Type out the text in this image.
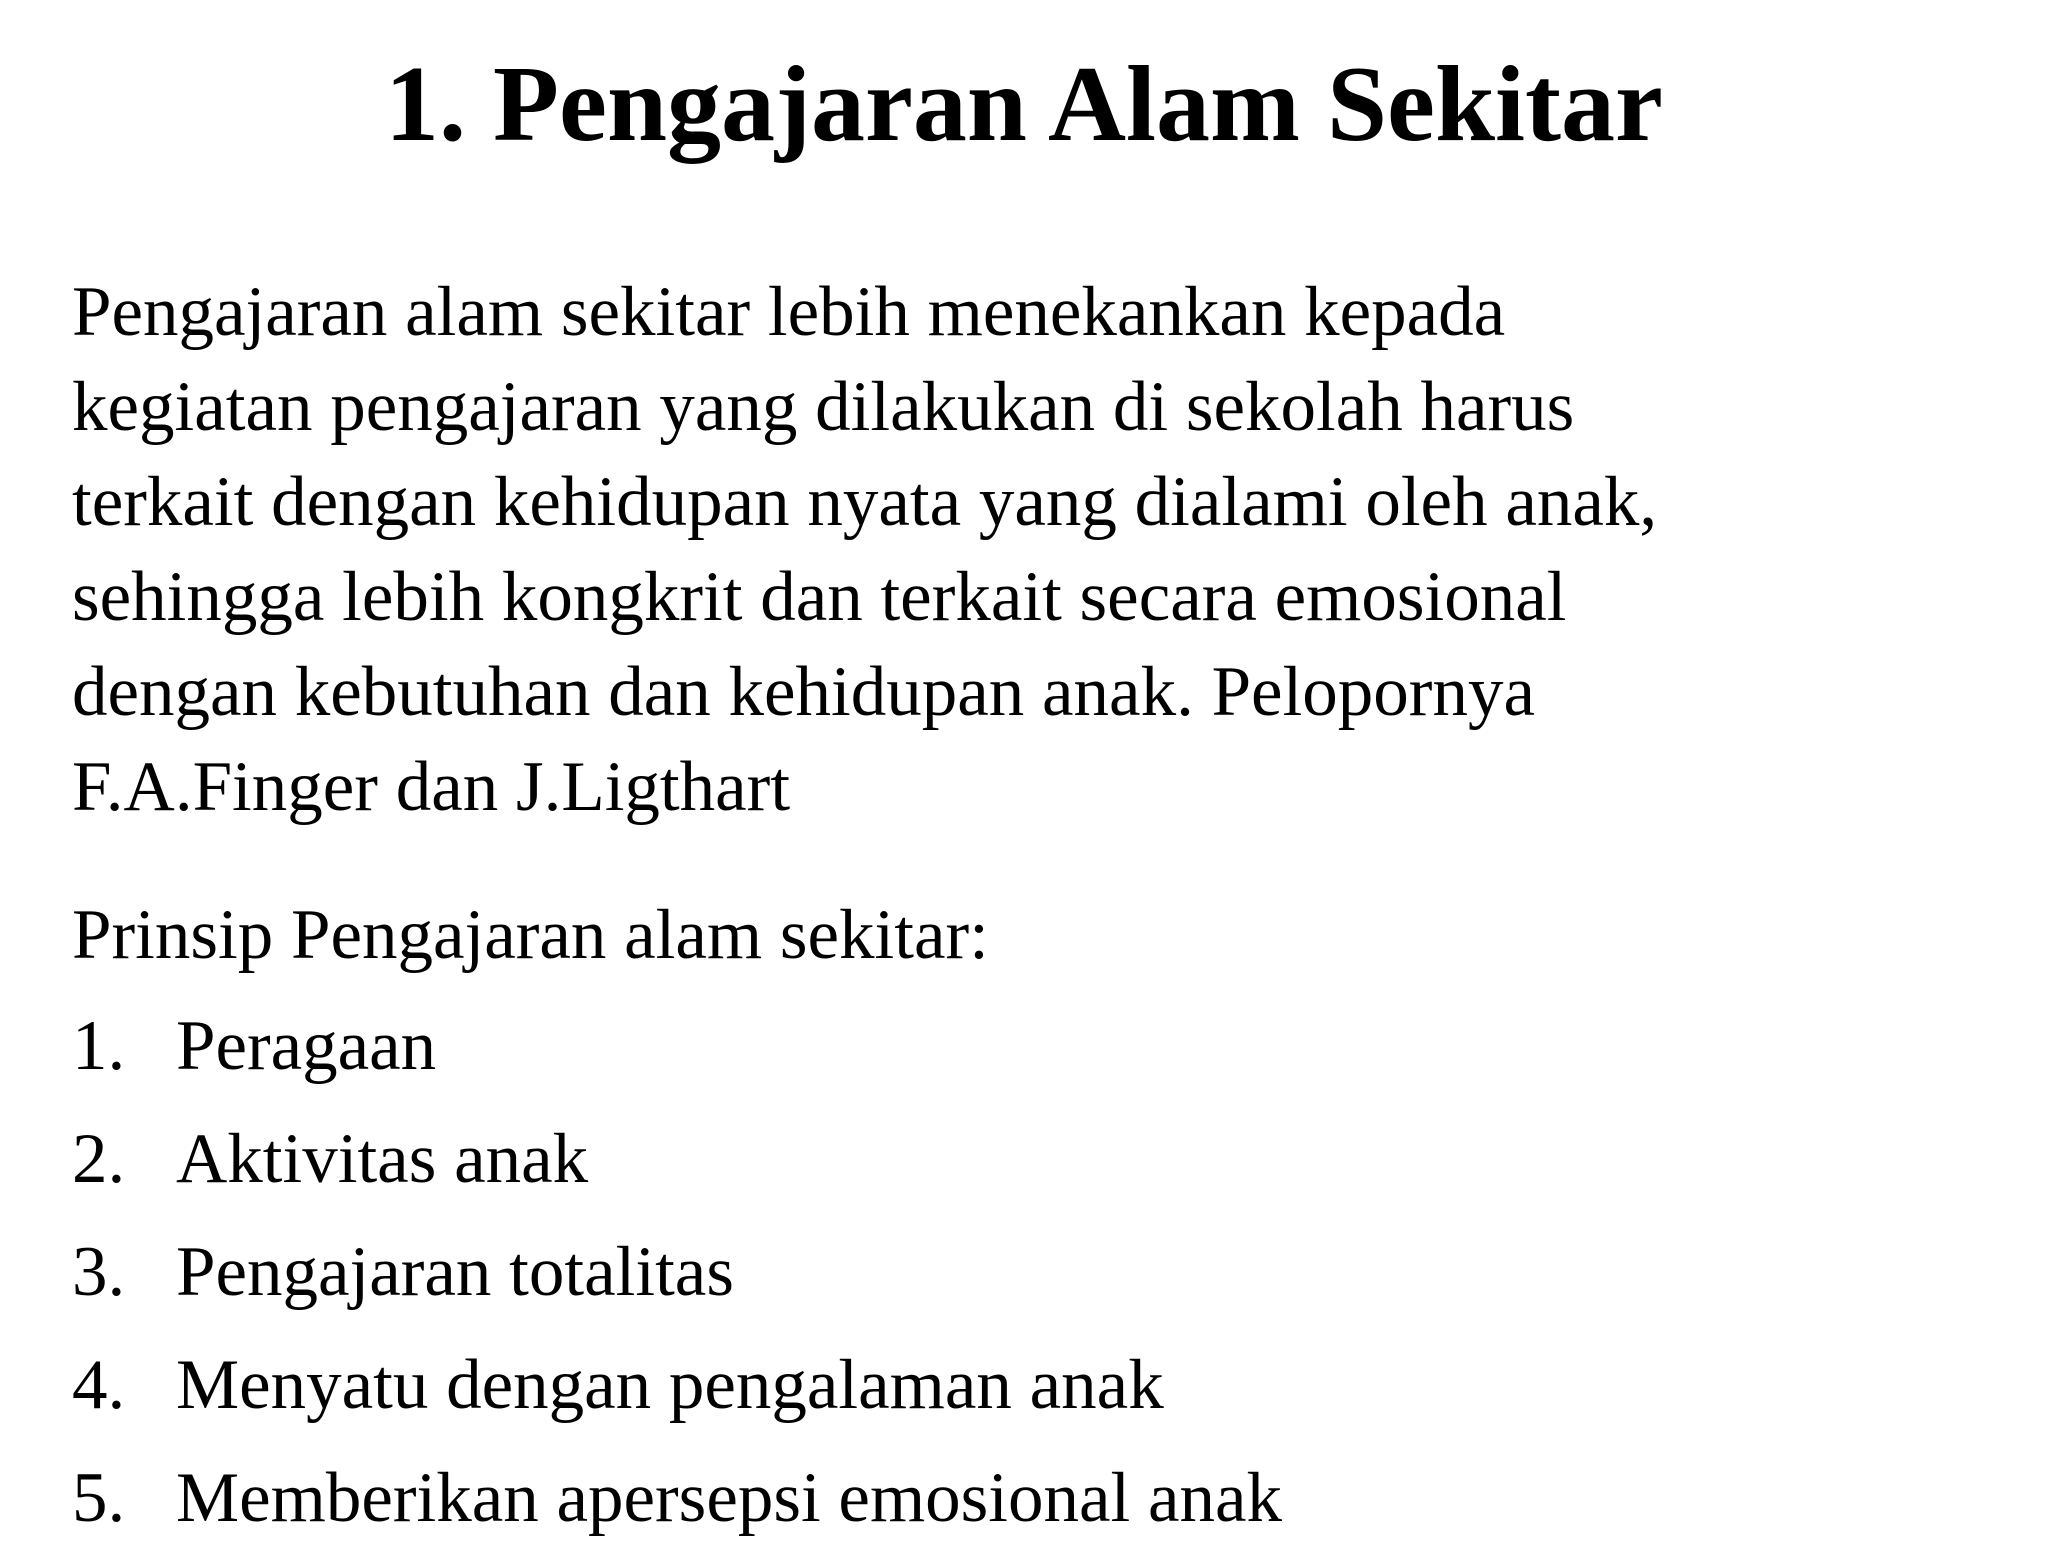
1. Pengajaran Alam Sekitar

Pengajaran alam sekitar lebih menekankan kepada
kegiatan pengajaran yang dilakukan di sekolah harus
terkait dengan kehidupan nyata yang dialami oleh anak,
sehingga lebih kongkrit dan terkait secara emosional
dengan kebutuhan dan kehidupan anak. Pelopornya
F.A.Finger dan J.Ligthart

Prinsip Pengajaran alam sekitar:

1. Peragaan
2. Aktivitas anak
3. Pengajaran totalitas
4. Menyatu dengan pengalaman anak
5. Memberikan apersepsi emosional anak
